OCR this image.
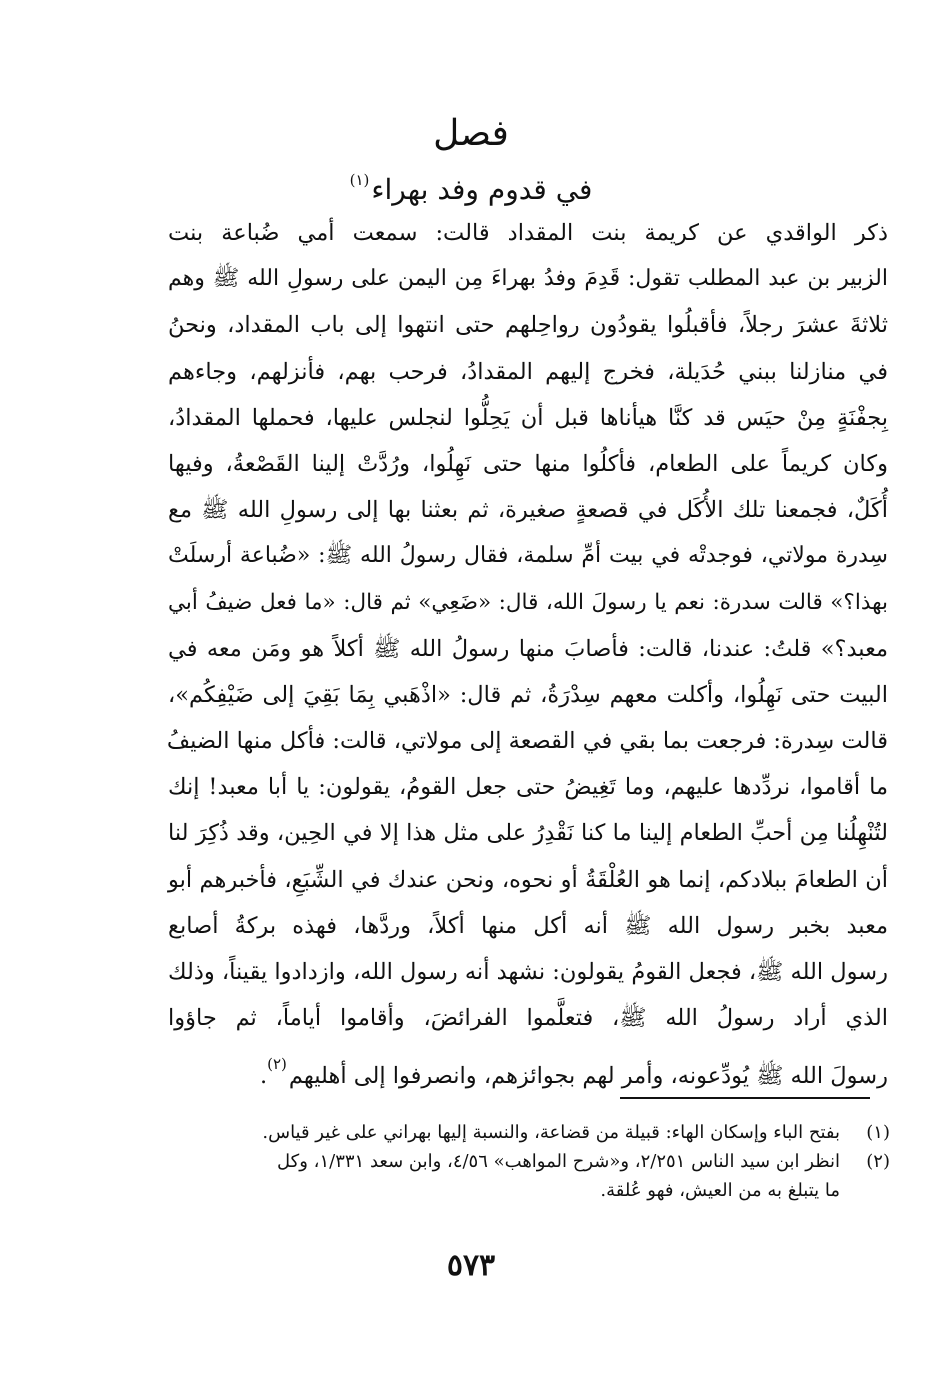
فصل
في قدوم وفد بهراء$^{(١)}$
ذكر الواقدي عن كريمة بنت المقداد قالت: سمعت أمي ضُباعة بنت
الزبير بن عبد المطلب تقول: قَدِمَ وفدُ بهراءَ مِن اليمن على رسولِ الله ﷺ وهم
ثلاثةَ عشرَ رجلاً، فأقبلُوا يقودُون رواحِلهم حتى انتهوا إلى باب المقداد، ونحنُ
في منازلنا ببني حُدَيلة، فخرج إليهم المقدادُ، فرحب بهم، فأنزلهم، وجاءهم
بِجفْنَةٍ مِنْ حيَس قد كنَّا هيأناها قبل أن يَحِلُّوا لنجلس عليها، فحملها المقدادُ،
وكان كريماً على الطعام، فأكلُوا منها حتى نَهِلُوا، ورُدَّتْ إلينا القَصْعةُ، وفيها
أُكَلٌ، فجمعنا تلك الأُكَل في قصعةٍ صغيرة، ثم بعثنا بها إلى رسولِ الله ﷺ مع
سِدرة مولاتي، فوجدتْه في بيت أمِّ سلمة، فقال رسولُ الله ﷺ: «ضُباعة أرسلَتْ
بهذا؟» قالت سدرة: نعم يا رسولَ الله، قال: «ضَعِي» ثم قال: «ما فعل ضيفُ أبي
معبد؟» قلتُ: عندنا، قالت: فأصابَ منها رسولُ الله ﷺ أكلاً هو ومَن معه في
البيت حتى نَهِلُوا، وأكلت معهم سِدْرَةُ، ثم قال: «اذْهَبي بِمَا بَقِيَ إلى ضَيْفِكُم»،
قالت سِدرة: فرجعت بما بقي في القصعة إلى مولاتي، قالت: فأكل منها الضيفُ
ما أقاموا، نردِّدها عليهم، وما تَغِيضُ حتى جعل القومُ، يقولون: يا أبا معبد! إنك
لتُنْهِلُنا مِن أحبِّ الطعام إلينا ما كنا نَقْدِرُ على مثل هذا إلا في الحِين، وقد ذُكِرَ لنا
أن الطعامَ ببلادكم، إنما هو العُلْقَةُ أو نحوه، ونحن عندك في الشِّبَعِ، فأخبرهم أبو
معبد بخبر رسول الله ﷺ أنه أكل منها أكلاً، وردَّها، فهذه بركةُ أصابع
رسول الله ﷺ، فجعل القومُ يقولون: نشهد أنه رسول الله، وازدادوا يقيناً، وذلك
الذي أراد رسولُ الله ﷺ، فتعلَّموا الفرائضَ، وأقاموا أياماً، ثم جاؤوا
رسولَ الله ﷺ يُودِّعونه، وأمر لهم بجوائزهم، وانصرفوا إلى أهليهم$^{(٢)}$.
(١)بفتح الباء وإسكان الهاء: قبيلة من قضاعة، والنسبة إليها بهراني على غير قياس.
(٢)انظر ابن سيد الناس ٢/٢٥١، و«شرح المواهب» ٤/٥٦، وابن سعد ١/٣٣١، وكل
ما يتبلغ به من العيش، فهو عُلقة.
٥٧٣
